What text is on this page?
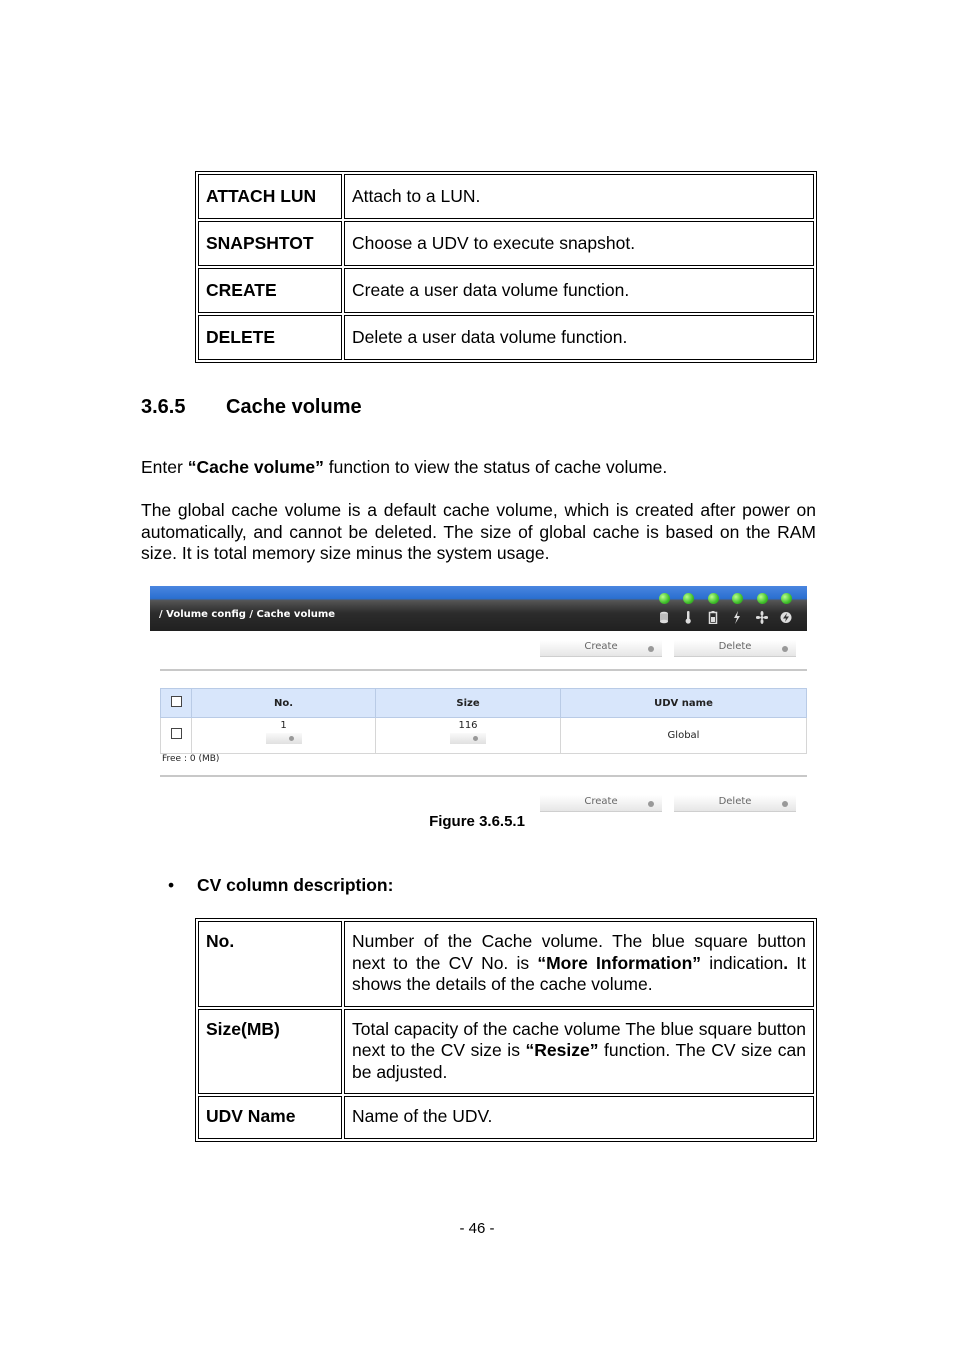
ATTACH LUN	Attach to a LUN.
SNAPSHTOT	Choose a UDV to execute snapshot.
CREATE	Create a user data volume function.
DELETE	Delete a user data volume function.
3.6.5 Cache volume

Enter “Cache volume” function to view the status of cache volume.

The global cache volume is a default cache volume, which is created after power on automatically, and cannot be deleted. The size of global cache is based on the RAM size. It is total memory size minus the system usage.

/ Volume config / Cache volume
Create	Delete
	No.	Size	UDV name
	1	116	Global
Free : 0 (MB)
Create	Delete
Figure 3.6.5.1
• CV column description:
No.	Number of the Cache volume. The blue square button next to the CV No. is “More Information” indication. It shows the details of the cache volume.
Size(MB)	Total capacity of the cache volume The blue square button next to the CV size is “Resize” function. The CV size can be adjusted.
UDV Name	Name of the UDV.
- 46 -
